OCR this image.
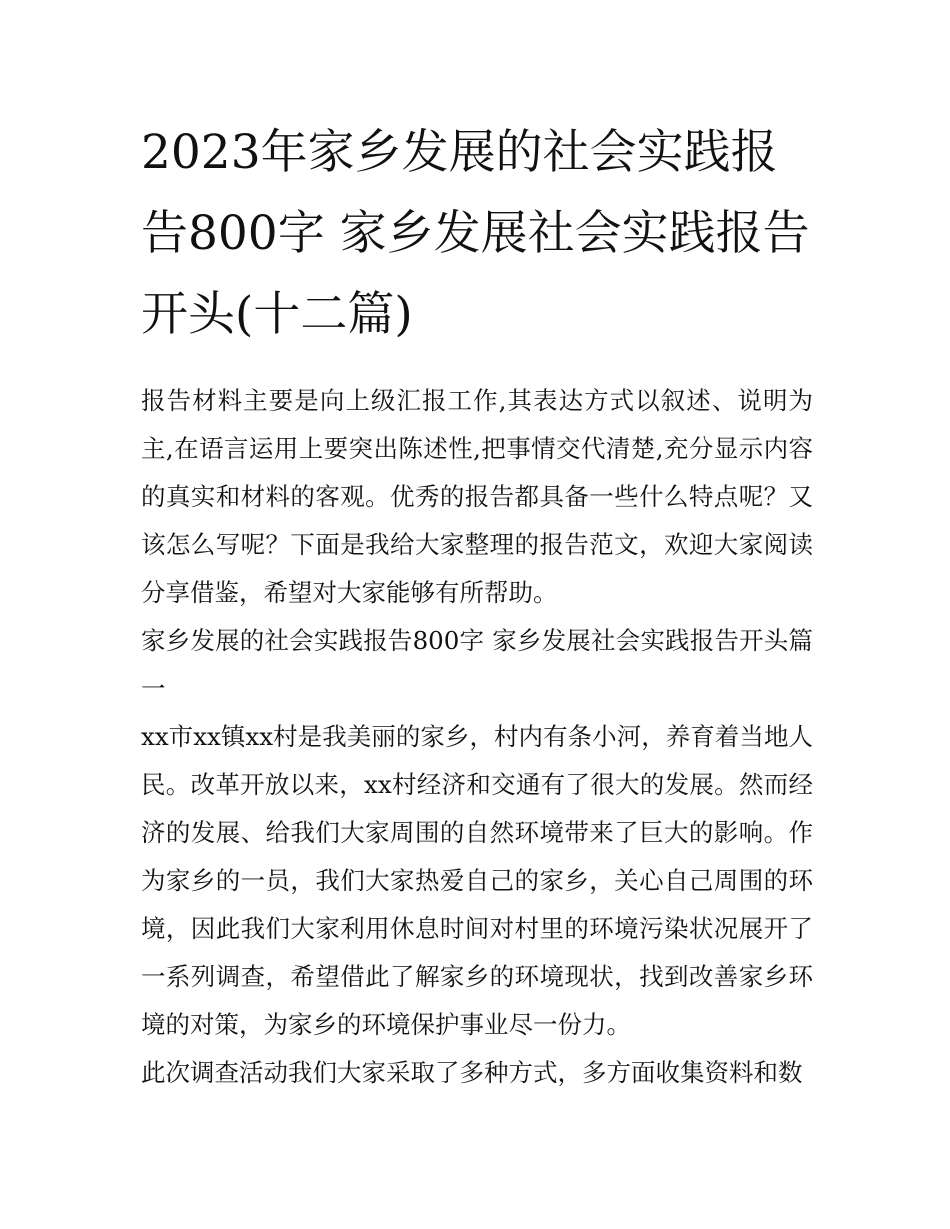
2023年家乡发展的社会实践报告800字 家乡发展社会实践报告开头(十二篇)

报告材料主要是向上级汇报工作,其表达方式以叙述、说明为主,在语言运用上要突出陈述性,把事情交代清楚,充分显示内容的真实和材料的客观。优秀的报告都具备一些什么特点呢？又该怎么写呢？下面是我给大家整理的报告范文，欢迎大家阅读分享借鉴，希望对大家能够有所帮助。

家乡发展的社会实践报告800字 家乡发展社会实践报告开头篇一

xx市xx镇xx村是我美丽的家乡，村内有条小河，养育着当地人民。改革开放以来，xx村经济和交通有了很大的发展。然而经济的发展、给我们大家周围的自然环境带来了巨大的影响。作为家乡的一员，我们大家热爱自己的家乡，关心自己周围的环境，因此我们大家利用休息时间对村里的环境污染状况展开了一系列调查，希望借此了解家乡的环境现状，找到改善家乡环境的对策，为家乡的环境保护事业尽一份力。

此次调查活动我们大家采取了多种方式，多方面收集资料和数
